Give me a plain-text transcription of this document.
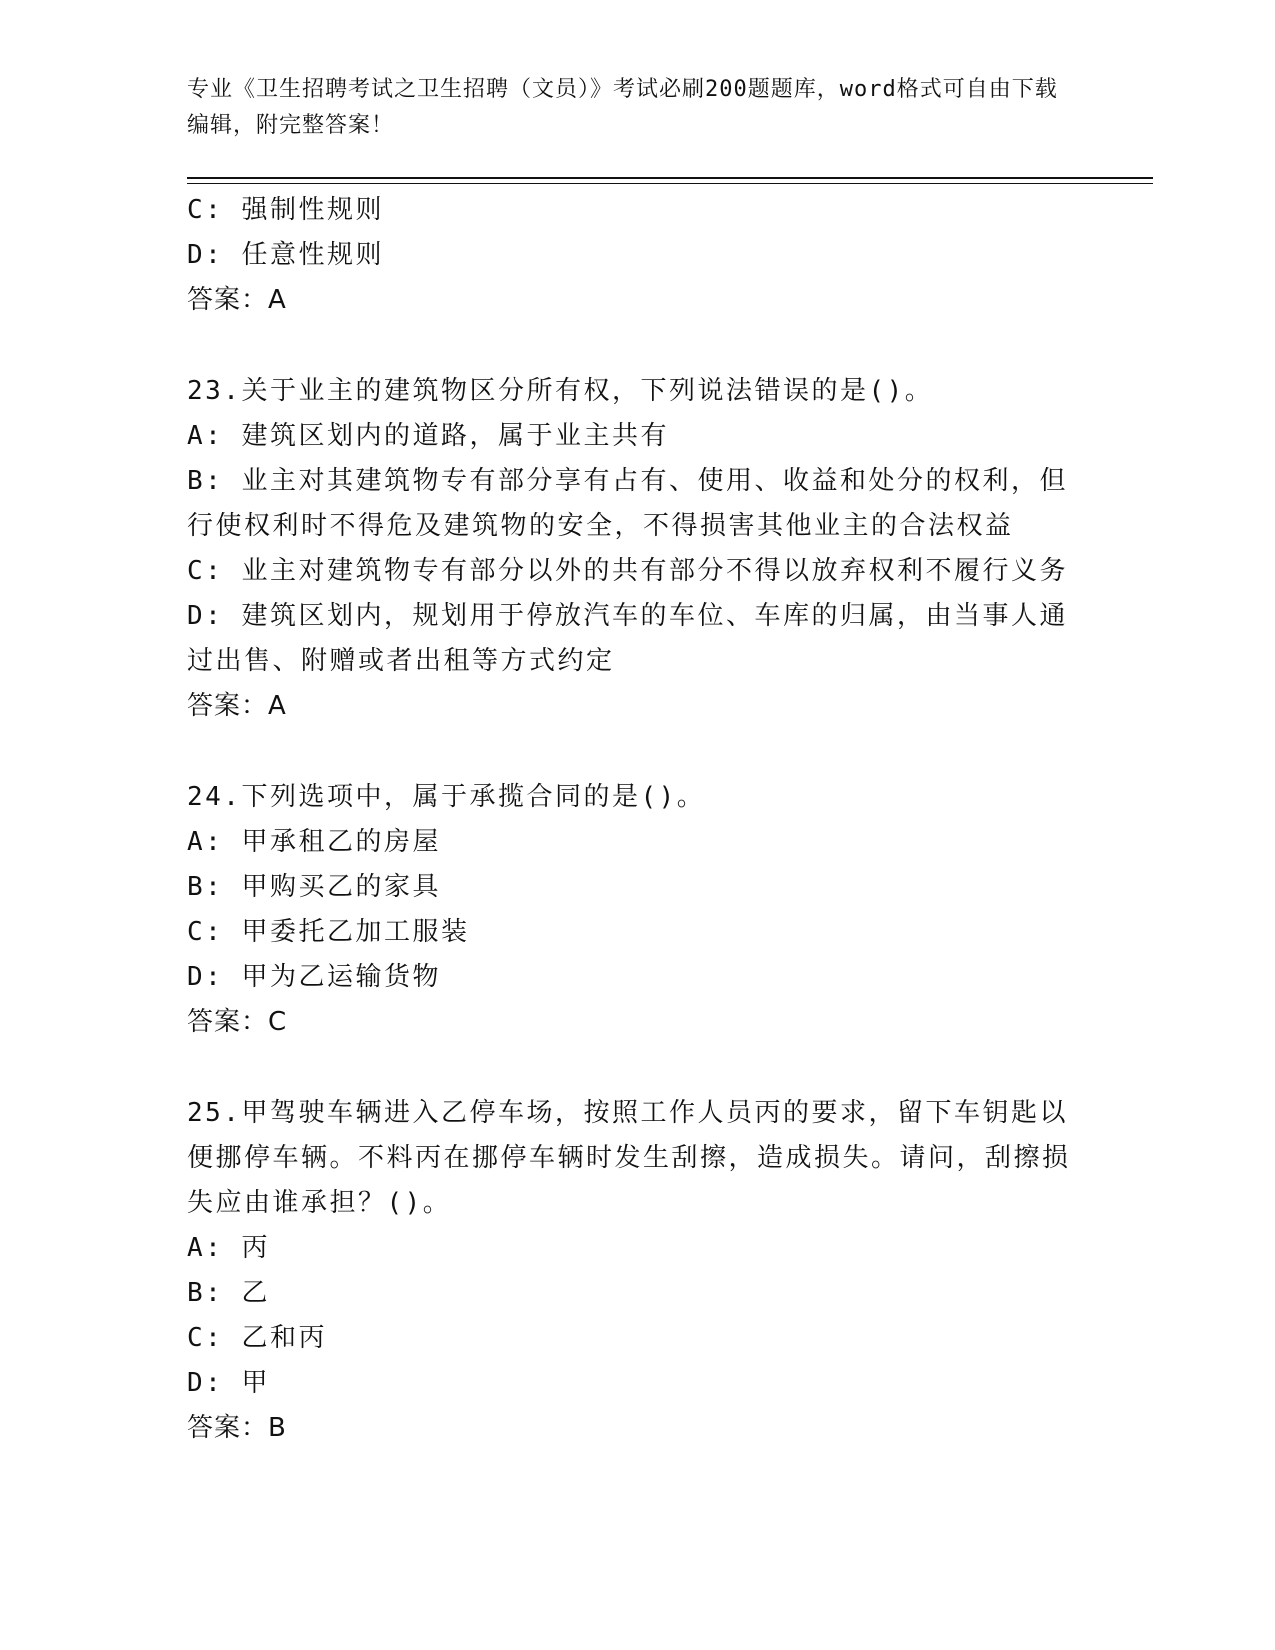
专业《卫生招聘考试之卫生招聘（文员）》考试必刷200题题库，word格式可自由下载编辑，附完整答案！
C: 强制性规则
D: 任意性规则
答案：A
23.关于业主的建筑物区分所有权，下列说法错误的是()。
A: 建筑区划内的道路，属于业主共有
B: 业主对其建筑物专有部分享有占有、使用、收益和处分的权利，但行使权利时不得危及建筑物的安全，不得损害其他业主的合法权益
C: 业主对建筑物专有部分以外的共有部分不得以放弃权利不履行义务
D: 建筑区划内，规划用于停放汽车的车位、车库的归属，由当事人通过出售、附赠或者出租等方式约定
答案：A
24.下列选项中，属于承揽合同的是()。
A: 甲承租乙的房屋
B: 甲购买乙的家具
C: 甲委托乙加工服装
D: 甲为乙运输货物
答案：C
25.甲驾驶车辆进入乙停车场，按照工作人员丙的要求，留下车钥匙以便挪停车辆。不料丙在挪停车辆时发生刮擦，造成损失。请问，刮擦损失应由谁承担？()。
A: 丙
B: 乙
C: 乙和丙
D: 甲
答案：B
